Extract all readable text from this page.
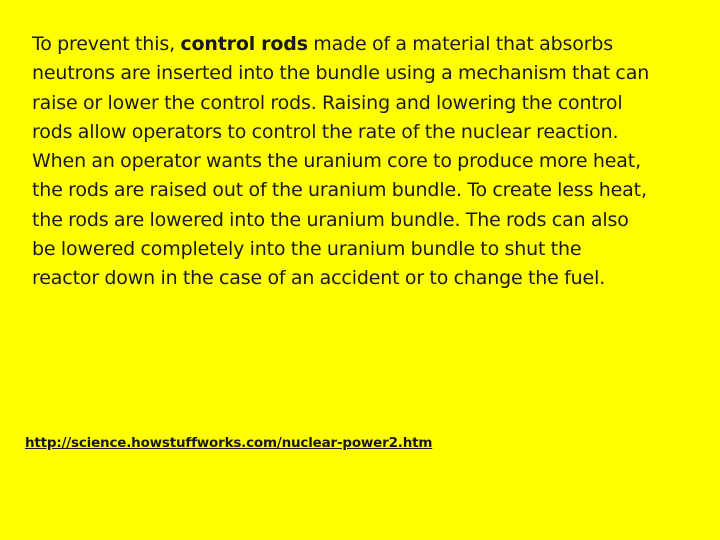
To prevent this, control rods made of a material that absorbs
neutrons are inserted into the bundle using a mechanism that can
raise or lower the control rods. Raising and lowering the control
rods allow operators to control the rate of the nuclear reaction.
When an operator wants the uranium core to produce more heat,
the rods are raised out of the uranium bundle. To create less heat,
the rods are lowered into the uranium bundle. The rods can also
be lowered completely into the uranium bundle to shut the
reactor down in the case of an accident or to change the fuel.

http://science.howstuffworks.com/nuclear-power2.htm
